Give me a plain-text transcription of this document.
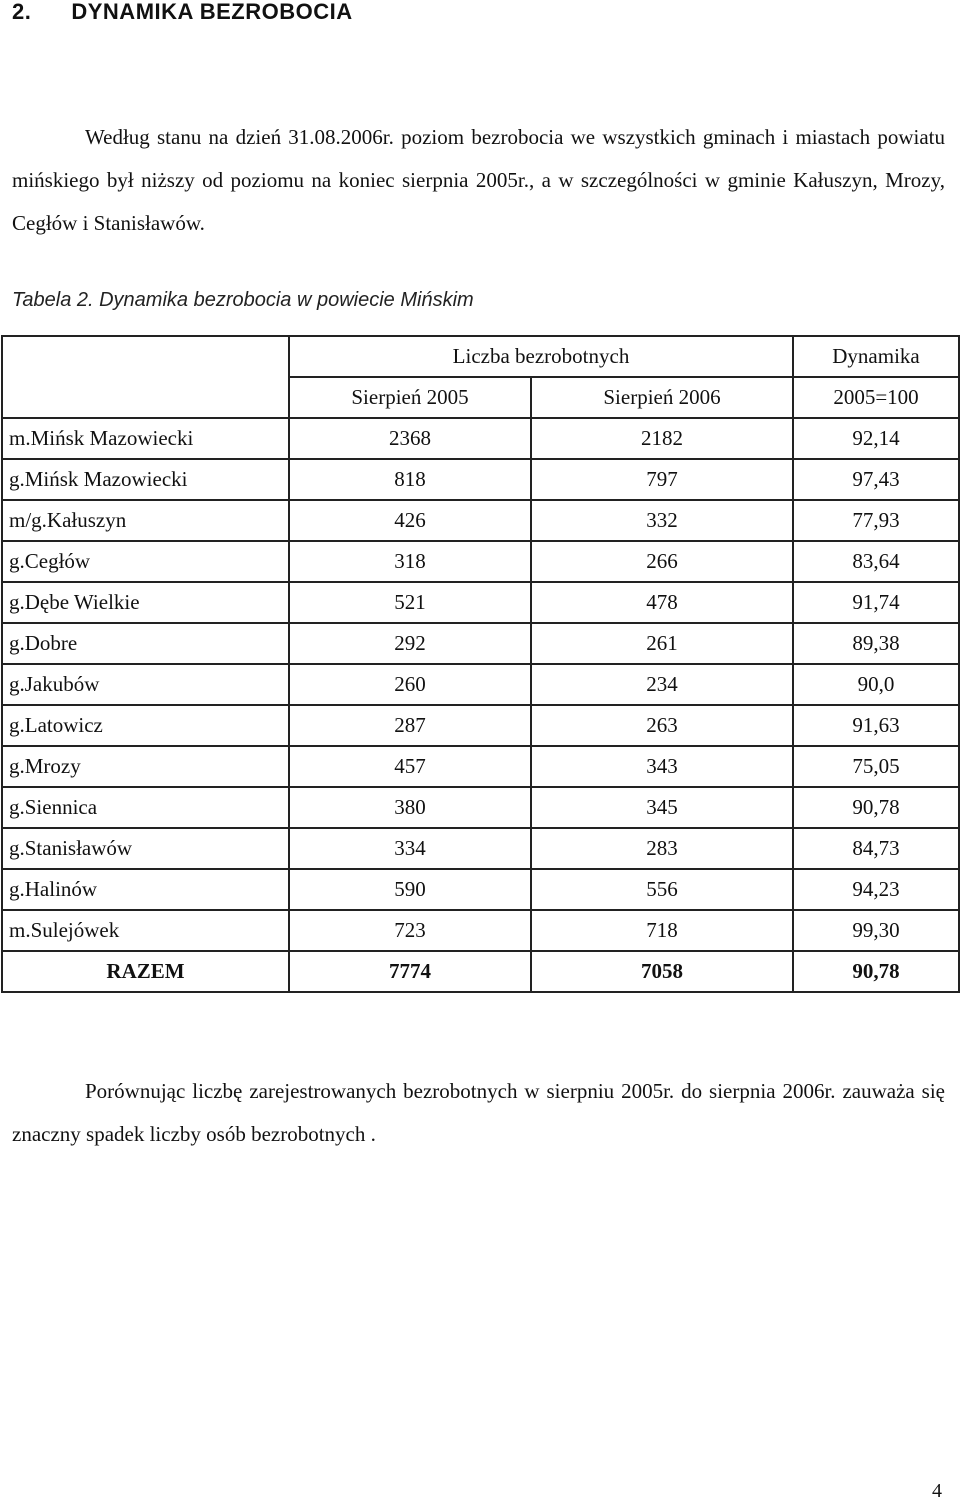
2. DYNAMIKA BEZROBOCIA

Według stanu na dzień 31.08.2006r. poziom bezrobocia we wszystkich gminach i miastach powiatu mińskiego był niższy od poziomu na koniec sierpnia 2005r., a w szczególności w gminie Kałuszyn, Mrozy, Cegłów i Stanisławów.

Tabela 2. Dynamika bezrobocia w powiecie Mińskim
	Liczba bezrobotnych		Dynamika
	Sierpień 2005	Sierpień 2006	2005=100
m.Mińsk Mazowiecki	2368	2182	92,14
g.Mińsk Mazowiecki	818	797	97,43
m/g.Kałuszyn	426	332	77,93
g.Cegłów	318	266	83,64
g.Dębe Wielkie	521	478	91,74
g.Dobre	292	261	89,38
g.Jakubów	260	234	90,0
g.Latowicz	287	263	91,63
g.Mrozy	457	343	75,05
g.Siennica	380	345	90,78
g.Stanisławów	334	283	84,73
g.Halinów	590	556	94,23
m.Sulejówek	723	718	99,30
RAZEM	7774	7058	90,78

Porównując liczbę zarejestrowanych bezrobotnych w sierpniu 2005r. do sierpnia 2006r. zauważa się znaczny spadek liczby osób bezrobotnych .

4
